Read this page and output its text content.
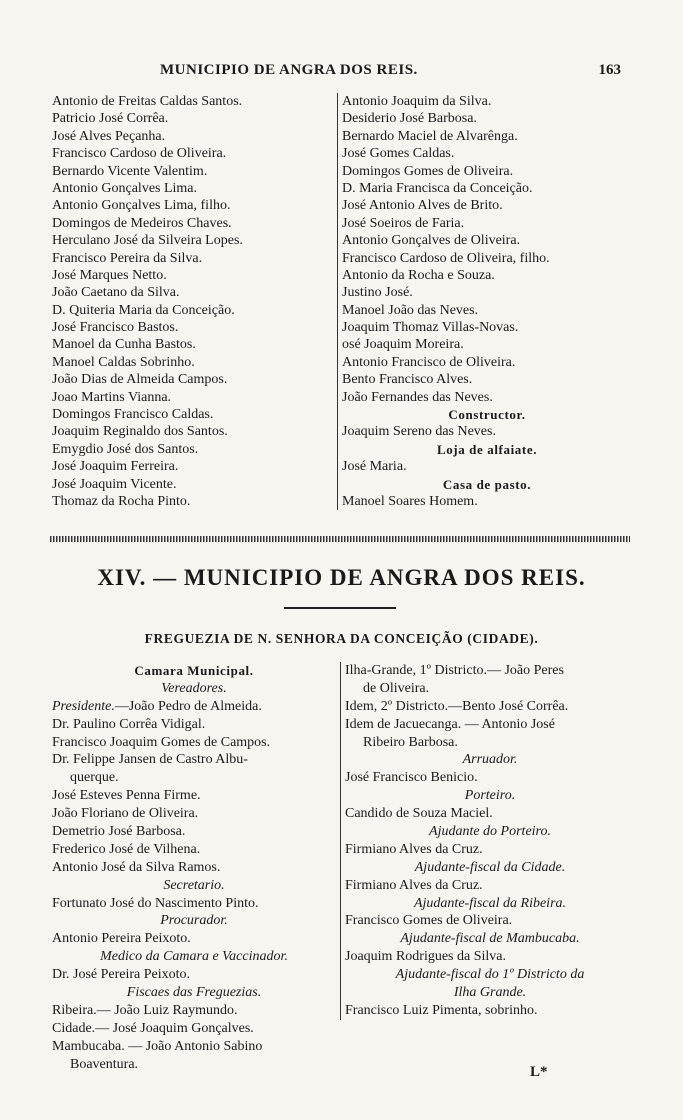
MUNICIPIO DE ANGRA DOS REIS.	163
Antonio de Freitas Caldas Santos.
Patricio José Corrêa.
José Alves Peçanha.
Francisco Cardoso de Oliveira.
Bernardo Vicente Valentim.
Antonio Gonçalves Lima.
Antonio Gonçalves Lima, filho.
Domingos de Medeiros Chaves.
Herculano José da Silveira Lopes.
Francisco Pereira da Silva.
José Marques Netto.
João Caetano da Silva.
D. Quiteria Maria da Conceição.
José Francisco Bastos.
Manoel da Cunha Bastos.
Manoel Caldas Sobrinho.
João Dias de Almeida Campos.
Joao Martins Vianna.
Domingos Francisco Caldas.
Joaquim Reginaldo dos Santos.
Emygdio José dos Santos.
José Joaquim Ferreira.
José Joaquim Vicente.
Thomaz da Rocha Pinto.
Antonio Joaquim da Silva.
Desiderio José Barbosa.
Bernardo Maciel de Alvarênga.
José Gomes Caldas.
Domingos Gomes de Oliveira.
D. Maria Francisca da Conceição.
José Antonio Alves de Brito.
José Soeiros de Faria.
Antonio Gonçalves de Oliveira.
Francisco Cardoso de Oliveira, filho.
Antonio da Rocha e Souza.
Justino José.
Manoel João das Neves.
Joaquim Thomaz Villas-Novas.
osé Joaquim Moreira.
Antonio Francisco de Oliveira.
Bento Francisco Alves.
João Fernandes das Neves.
Constructor.
Joaquim Sereno das Neves.
Loja de alfaiate.
José Maria.
Casa de pasto.
Manoel Soares Homem.
XIV. — MUNICIPIO DE ANGRA DOS REIS.
FREGUEZIA DE N. SENHORA DA CONCEIÇÃO (CIDADE).
Camara Municipal.
Vereadores.
Presidente.—João Pedro de Almeida.
Dr. Paulino Corrêa Vidigal.
Francisco Joaquim Gomes de Campos.
Dr. Felippe Jansen de Castro Albu-
querque.
José Esteves Penna Firme.
João Floriano de Oliveira.
Demetrio José Barbosa.
Frederico José de Vilhena.
Antonio José da Silva Ramos.
Secretario.
Fortunato José do Nascimento Pinto.
Procurador.
Antonio Pereira Peixoto.
Medico da Camara e Vaccinador.
Dr. José Pereira Peixoto.
Fiscaes das Freguezias.
Ribeira.— João Luiz Raymundo.
Cidade.— José Joaquim Gonçalves.
Mambucaba. — João Antonio Sabino
Boaventura.
Ilha-Grande, 1º Districto.— João Peres
de Oliveira.
Idem, 2º Districto.—Bento José Corrêa.
Idem de Jacuecanga. — Antonio José
Ribeiro Barbosa.
Arruador.
José Francisco Benicio.
Porteiro.
Candido de Souza Maciel.
Ajudante do Porteiro.
Firmiano Alves da Cruz.
Ajudante-fiscal da Cidade.
Firmiano Alves da Cruz.
Ajudante-fiscal da Ribeira.
Francisco Gomes de Oliveira.
Ajudante-fiscal de Mambucaba.
Joaquim Rodrigues da Silva.
Ajudante-fiscal do 1º Districto da
Ilha Grande.
Francisco Luiz Pimenta, sobrinho.
L*
